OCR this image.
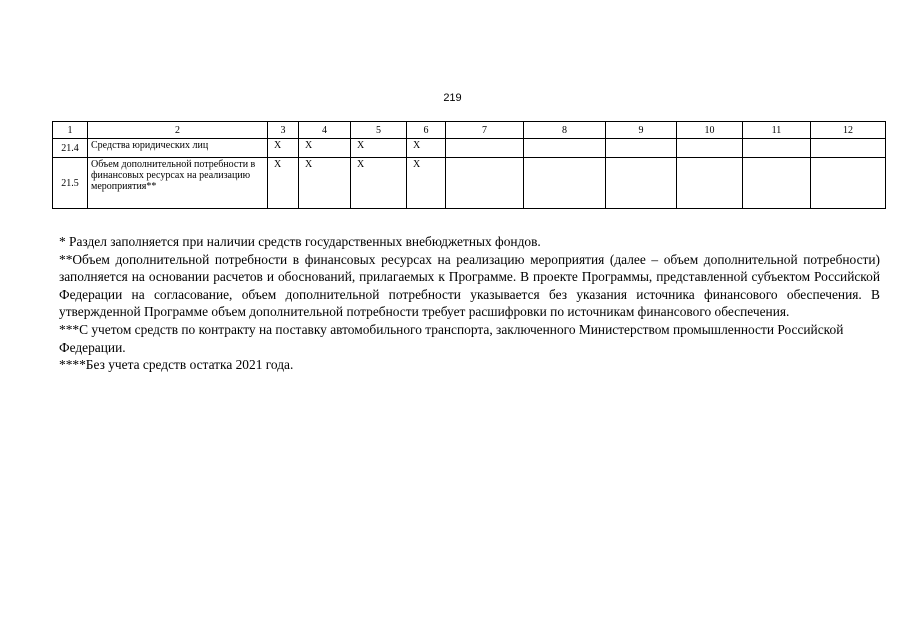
219
1	2	3	4	5	6	7	8	9	10	11	12
21.4	Средства юридических лиц	X	X	X	X						
21.5	Объем дополнительной потребности в финансовых ресурсах на реализацию мероприятия**	X	X	X	X						

* Раздел заполняется при наличии средств государственных внебюджетных фондов.

**Объем дополнительной потребности в финансовых ресурсах на реализацию мероприятия (далее – объем дополнительной потребности) заполняется на основании расчетов и обоснований, прилагаемых к Программе. В проекте Программы, представленной субъектом Российской Федерации на согласование, объем дополнительной потребности указывается без указания источника финансового обеспечения. В утвержденной Программе объем дополнительной потребности требует расшифровки по источникам финансового обеспечения.

***С учетом средств по контракту на поставку автомобильного транспорта, заключенного Министерством промышленности Российской Федерации.

****Без учета средств остатка 2021 года.
